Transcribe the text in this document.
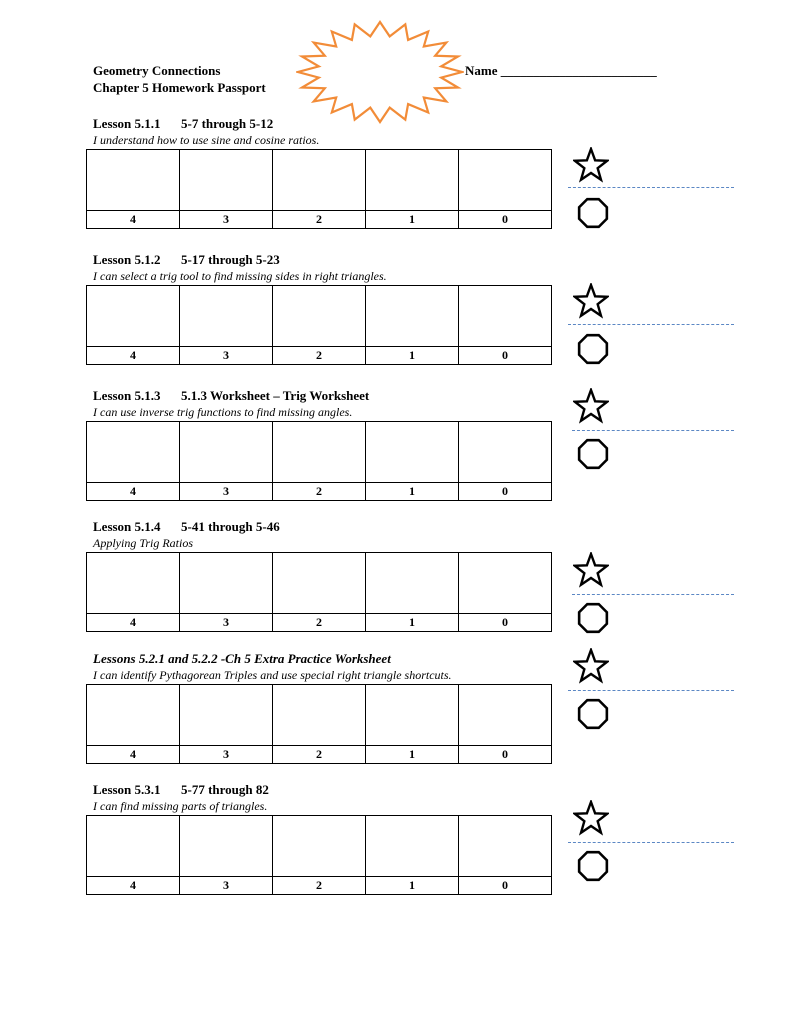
Geometry Connections
Chapter 5 Homework Passport
Name ________________________
Lesson 5.1.1 5-7 through 5-12
I understand how to use sine and cosine ratios.

4	3	2	1	0
Lesson 5.1.2 5-17 through 5-23
I can select a trig tool to find missing sides in right triangles.

4	3	2	1	0
Lesson 5.1.3 5.1.3 Worksheet – Trig Worksheet
I can use inverse trig functions to find missing angles.

4	3	2	1	0
Lesson 5.1.4 5-41 through 5-46
Applying Trig Ratios

4	3	2	1	0
Lessons 5.2.1 and 5.2.2 -Ch 5 Extra Practice Worksheet
I can identify Pythagorean Triples and use special right triangle shortcuts.

4	3	2	1	0
Lesson 5.3.1 5-77 through 82
I can find missing parts of triangles.

4	3	2	1	0
